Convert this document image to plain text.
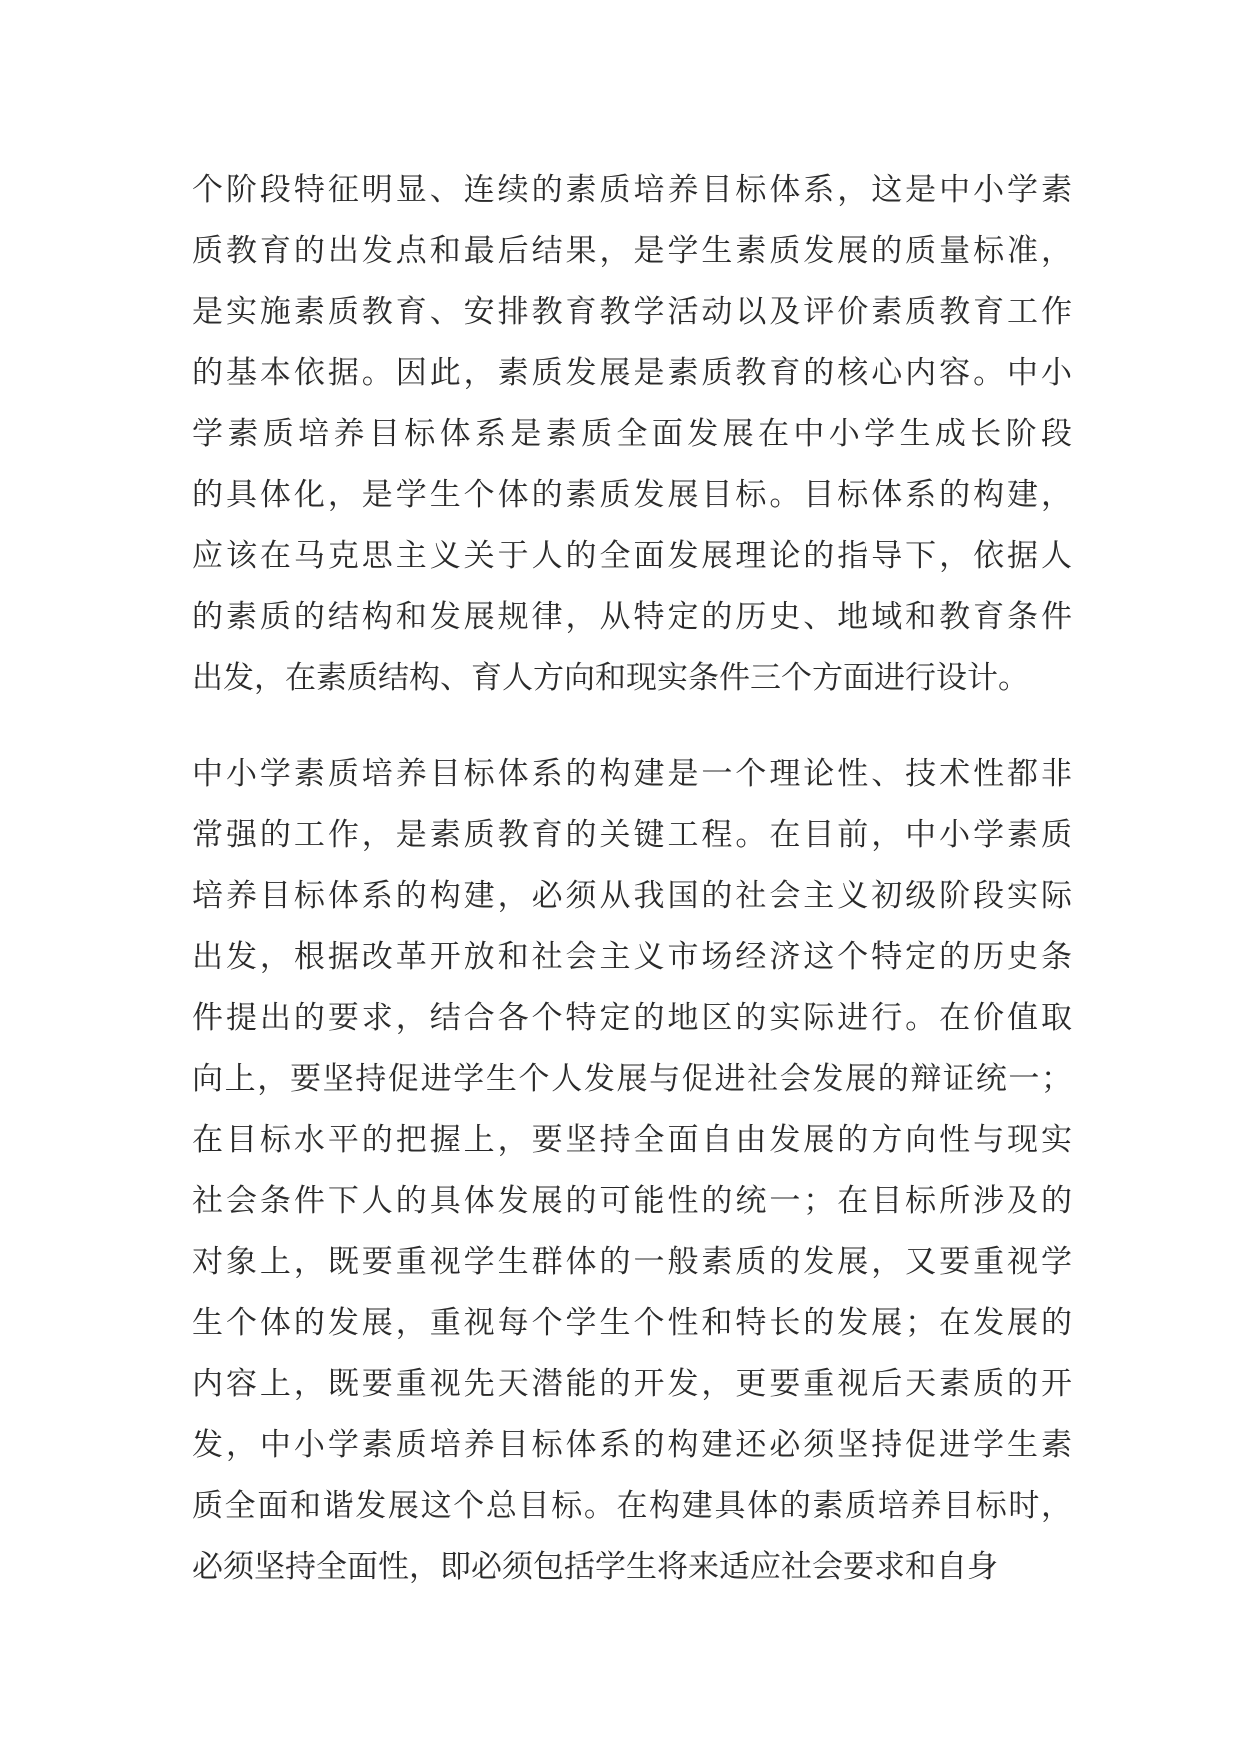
个阶段特征明显、连续的素质培养目标体系，这是中小学素
质教育的出发点和最后结果，是学生素质发展的质量标准，
是实施素质教育、安排教育教学活动以及评价素质教育工作
的基本依据。因此，素质发展是素质教育的核心内容。中小
学素质培养目标体系是素质全面发展在中小学生成长阶段
的具体化，是学生个体的素质发展目标。目标体系的构建，
应该在马克思主义关于人的全面发展理论的指导下，依据人
的素质的结构和发展规律，从特定的历史、地域和教育条件
出发，在素质结构、育人方向和现实条件三个方面进行设计。
中小学素质培养目标体系的构建是一个理论性、技术性都非
常强的工作，是素质教育的关键工程。在目前，中小学素质
培养目标体系的构建，必须从我国的社会主义初级阶段实际
出发，根据改革开放和社会主义市场经济这个特定的历史条
件提出的要求，结合各个特定的地区的实际进行。在价值取
向上，要坚持促进学生个人发展与促进社会发展的辩证统一；
在目标水平的把握上，要坚持全面自由发展的方向性与现实
社会条件下人的具体发展的可能性的统一；在目标所涉及的
对象上，既要重视学生群体的一般素质的发展，又要重视学
生个体的发展，重视每个学生个性和特长的发展；在发展的
内容上，既要重视先天潜能的开发，更要重视后天素质的开
发，中小学素质培养目标体系的构建还必须坚持促进学生素
质全面和谐发展这个总目标。在构建具体的素质培养目标时，
必须坚持全面性，即必须包括学生将来适应社会要求和自身
